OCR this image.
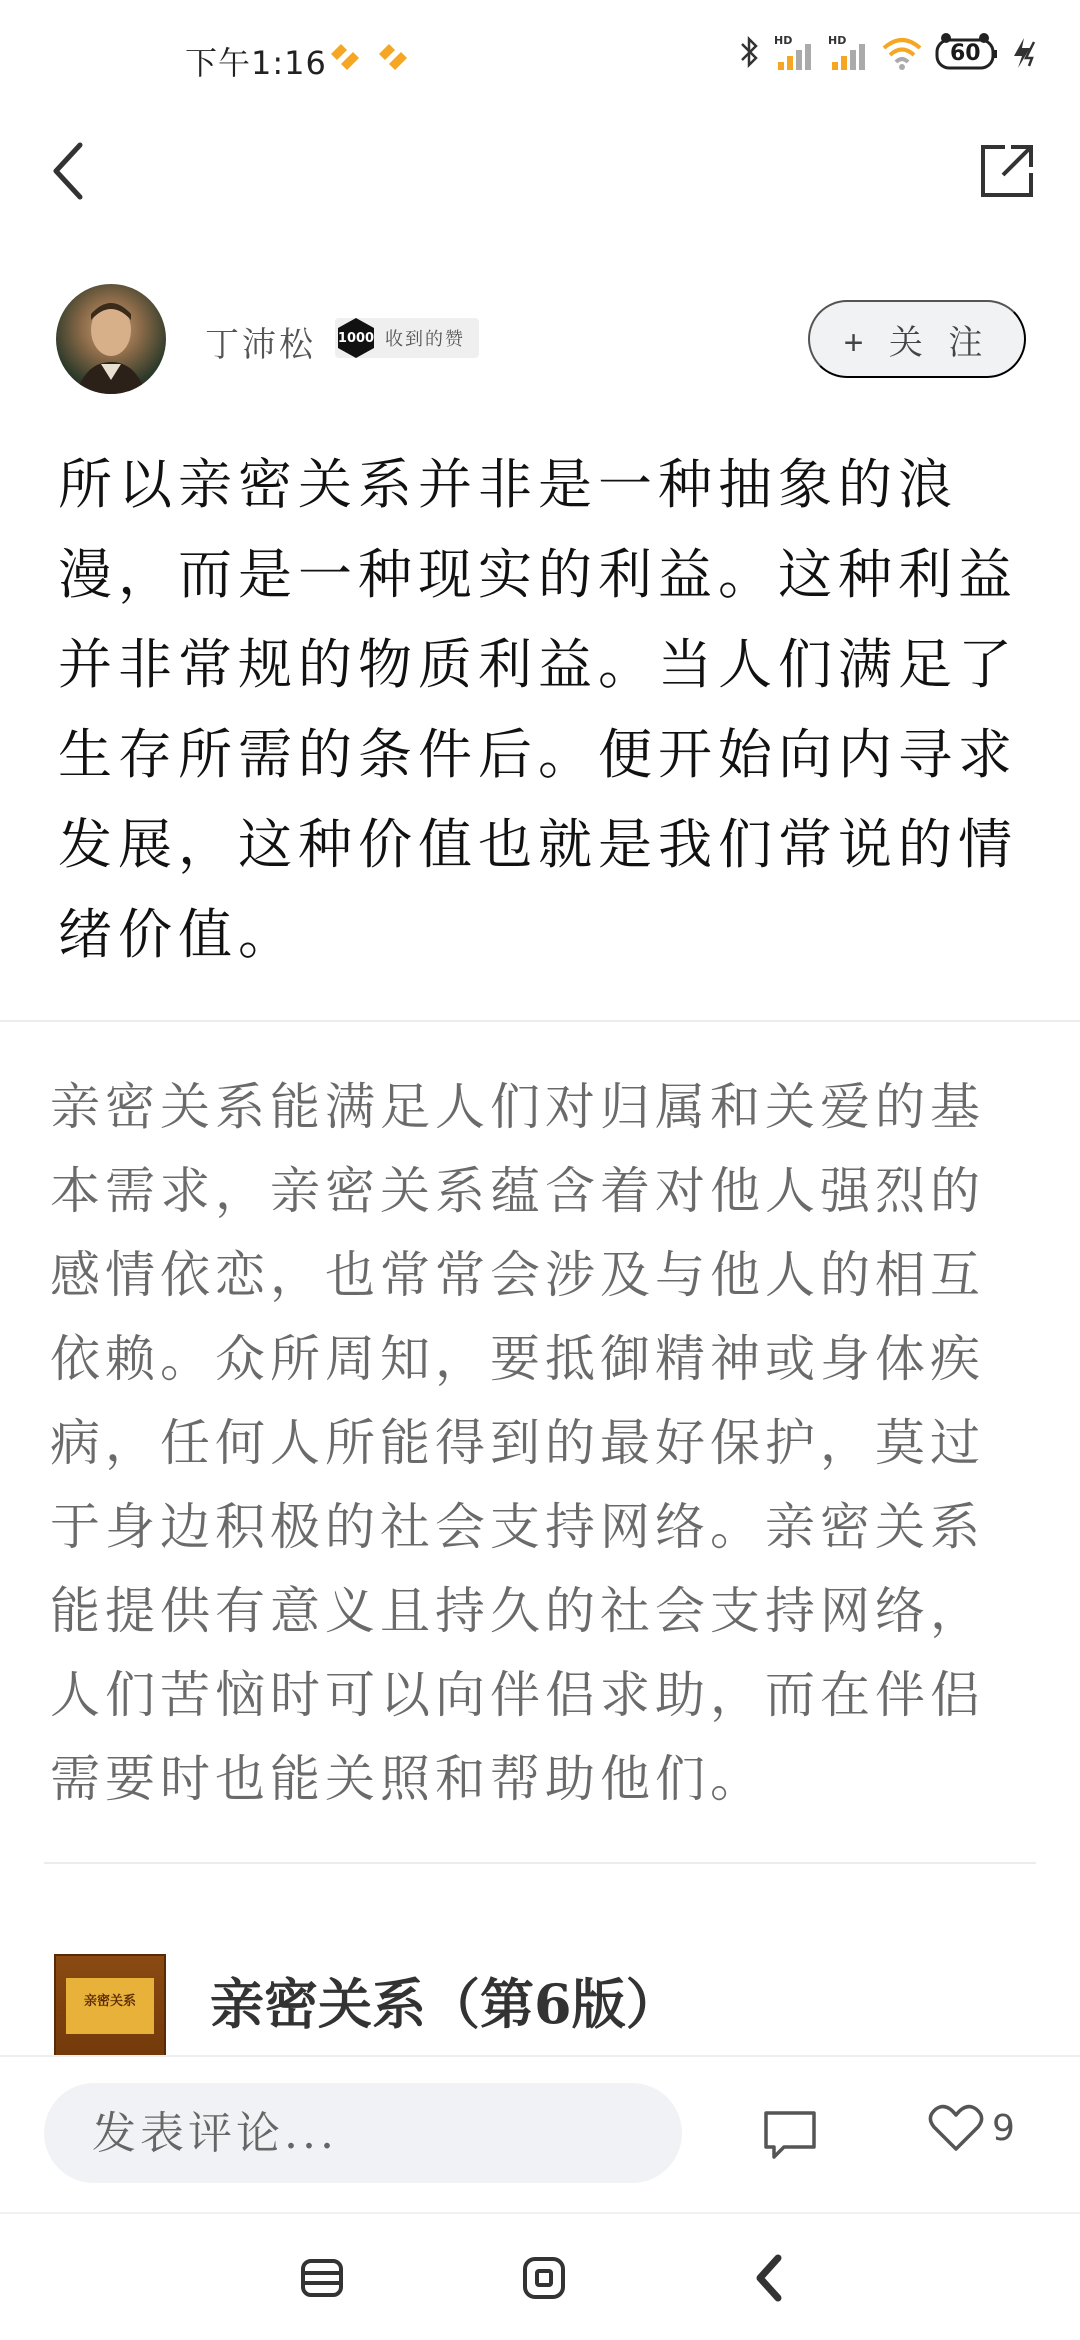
下午1:16
HD	HD
60
丁沛松 1000 收到的赞	+ 关 注
所以亲密关系并非是一种抽象的浪漫，而是一种现实的利益。这种利益并非常规的物质利益。当人们满足了生存所需的条件后。便开始向内寻求发展，这种价值也就是我们常说的情绪价值。
亲密关系能满足人们对归属和关爱的基本需求，亲密关系蕴含着对他人强烈的感情依恋，也常常会涉及与他人的相互依赖。众所周知，要抵御精神或身体疾病，任何人所能得到的最好保护，莫过于身边积极的社会支持网络。亲密关系能提供有意义且持久的社会支持网络，人们苦恼时可以向伴侣求助，而在伴侣需要时也能关照和帮助他们。
亲密关系 亲密关系（第6版）
发表评论...
9
